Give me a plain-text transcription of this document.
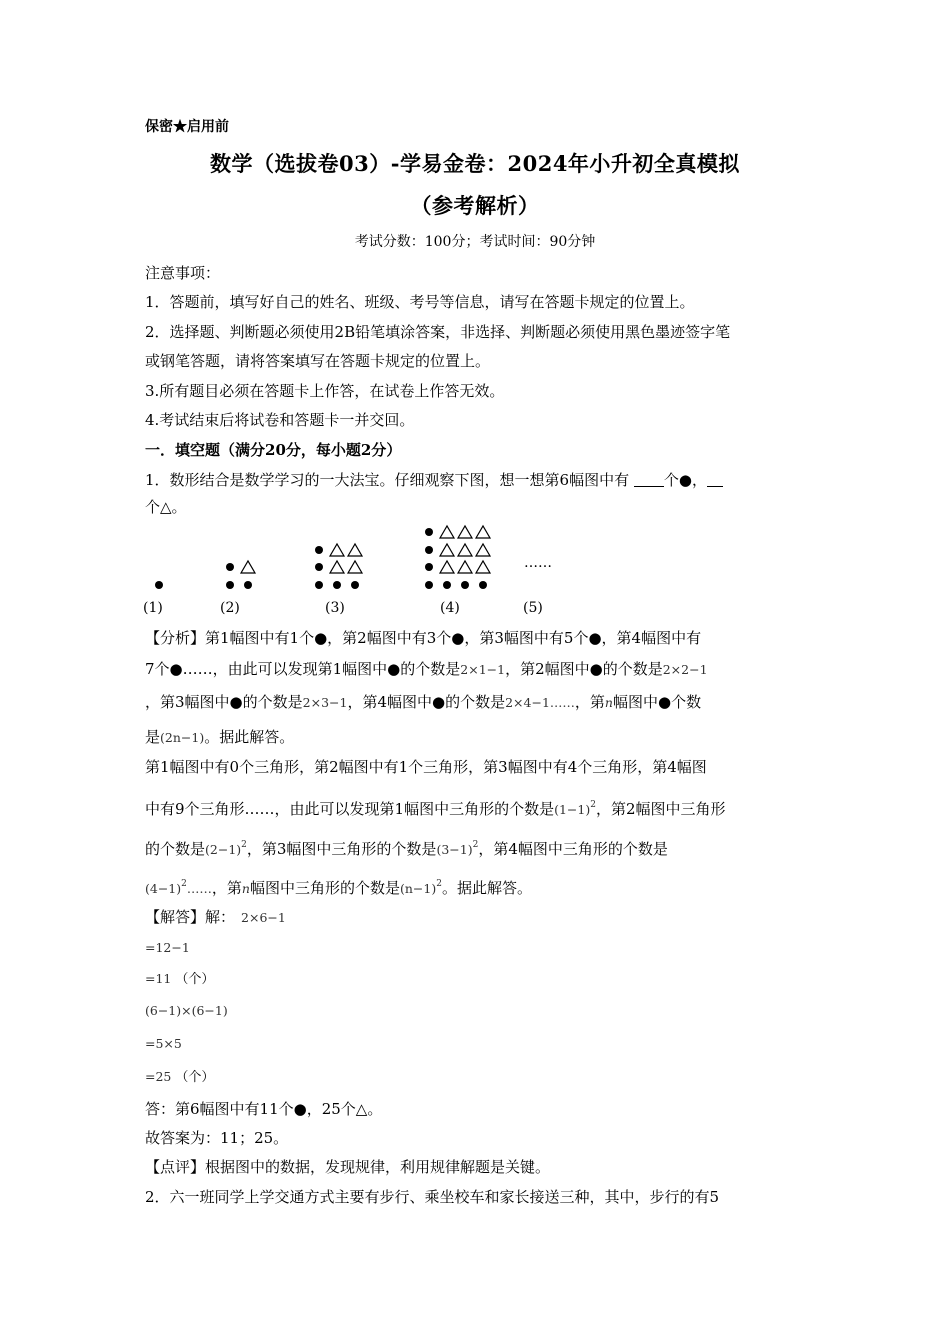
保密★启用前
数学（选拔卷03）-学易金卷：2024年小升初全真模拟
（参考解析）
考试分数：100分；考试时间：90分钟
注意事项：
1．答题前，填写好自己的姓名、班级、考号等信息，请写在答题卡规定的位置上。
2．选择题、判断题必须使用2B铅笔填涂答案，非选择、判断题必须使用黑色墨迹签字笔
或钢笔答题，请将答案填写在答题卡规定的位置上。
3.所有题目必须在答题卡上作答，在试卷上作答无效。
4.考试结束后将试卷和答题卡一并交回。
一．填空题（满分20分，每小题2分）
1．数形结合是数学学习的一大法宝。仔细观察下图，想一想第6幅图中有 个●，
个△。
……
(1)	(2)	(3)	(4)	(5)
【分析】第1幅图中有1个●，第2幅图中有3个●，第3幅图中有5个●，第4幅图中有
7个●……，由此可以发现第1幅图中●的个数是2×1−1，第2幅图中●的个数是2×2−1
，第3幅图中●的个数是2×3−1，第4幅图中●的个数是2×4−1……，第n幅图中●个数
是(2n−1)。据此解答。
第1幅图中有0个三角形，第2幅图中有1个三角形，第3幅图中有4个三角形，第4幅图
中有9个三角形……，由此可以发现第1幅图中三角形的个数是$(1-1)^2$，第2幅图中三角形
的个数是$(2-1)^2$，第3幅图中三角形的个数是$(3-1)^2$，第4幅图中三角形的个数是
$(4-1)^2\dots\dots$，第n幅图中三角形的个数是$(n-1)^2$。据此解答。
【解答】解： 2×6−1
=12−1
=11 （个）
(6−1)×(6−1)
=5×5
=25 （个）
答：第6幅图中有11个●，25个△。
故答案为：11；25。
【点评】根据图中的数据，发现规律，利用规律解题是关键。
2．六一班同学上学交通方式主要有步行、乘坐校车和家长接送三种，其中，步行的有5
